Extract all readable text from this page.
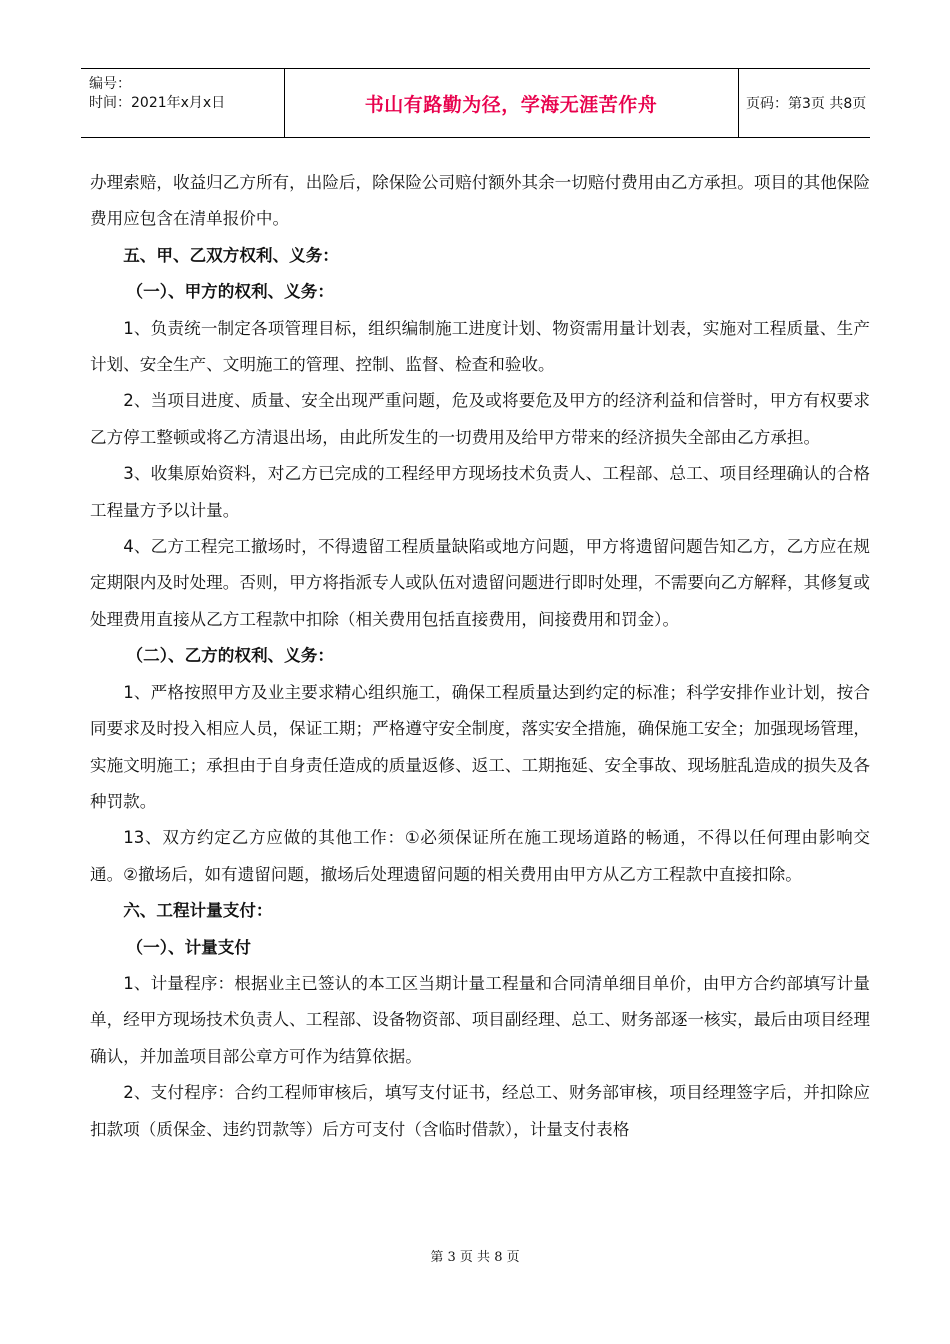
编号：
时间：2021年x月x日	书山有路勤为径，学海无涯苦作舟	页码：第3页 共8页

办理索赔，收益归乙方所有，出险后，除保险公司赔付额外其余一切赔付费用由乙方承担。项目的其他保险费用应包含在清单报价中。

五、甲、乙双方权利、义务：

（一）、甲方的权利、义务：

1、负责统一制定各项管理目标，组织编制施工进度计划、物资需用量计划表，实施对工程质量、生产计划、安全生产、文明施工的管理、控制、监督、检查和验收。

2、当项目进度、质量、安全出现严重问题，危及或将要危及甲方的经济利益和信誉时，甲方有权要求乙方停工整顿或将乙方清退出场，由此所发生的一切费用及给甲方带来的经济损失全部由乙方承担。

3、收集原始资料，对乙方已完成的工程经甲方现场技术负责人、工程部、总工、项目经理确认的合格工程量方予以计量。

4、乙方工程完工撤场时，不得遗留工程质量缺陷或地方问题，甲方将遗留问题告知乙方，乙方应在规定期限内及时处理。否则，甲方将指派专人或队伍对遗留问题进行即时处理，不需要向乙方解释，其修复或处理费用直接从乙方工程款中扣除（相关费用包括直接费用，间接费用和罚金）。

（二）、乙方的权利、义务：

1、严格按照甲方及业主要求精心组织施工，确保工程质量达到约定的标准；科学安排作业计划，按合同要求及时投入相应人员，保证工期；严格遵守安全制度，落实安全措施，确保施工安全；加强现场管理，实施文明施工；承担由于自身责任造成的质量返修、返工、工期拖延、安全事故、现场脏乱造成的损失及各种罚款。

13、双方约定乙方应做的其他工作：①必须保证所在施工现场道路的畅通，不得以任何理由影响交通。②撤场后，如有遗留问题，撤场后处理遗留问题的相关费用由甲方从乙方工程款中直接扣除。

六、工程计量支付：

（一）、计量支付

1、计量程序：根据业主已签认的本工区当期计量工程量和合同清单细目单价，由甲方合约部填写计量单，经甲方现场技术负责人、工程部、设备物资部、项目副经理、总工、财务部逐一核实，最后由项目经理确认，并加盖项目部公章方可作为结算依据。

2、支付程序：合约工程师审核后，填写支付证书，经总工、财务部审核，项目经理签字后，并扣除应扣款项（质保金、违约罚款等）后方可支付（含临时借款），计量支付表格

第 3 页 共 8 页
